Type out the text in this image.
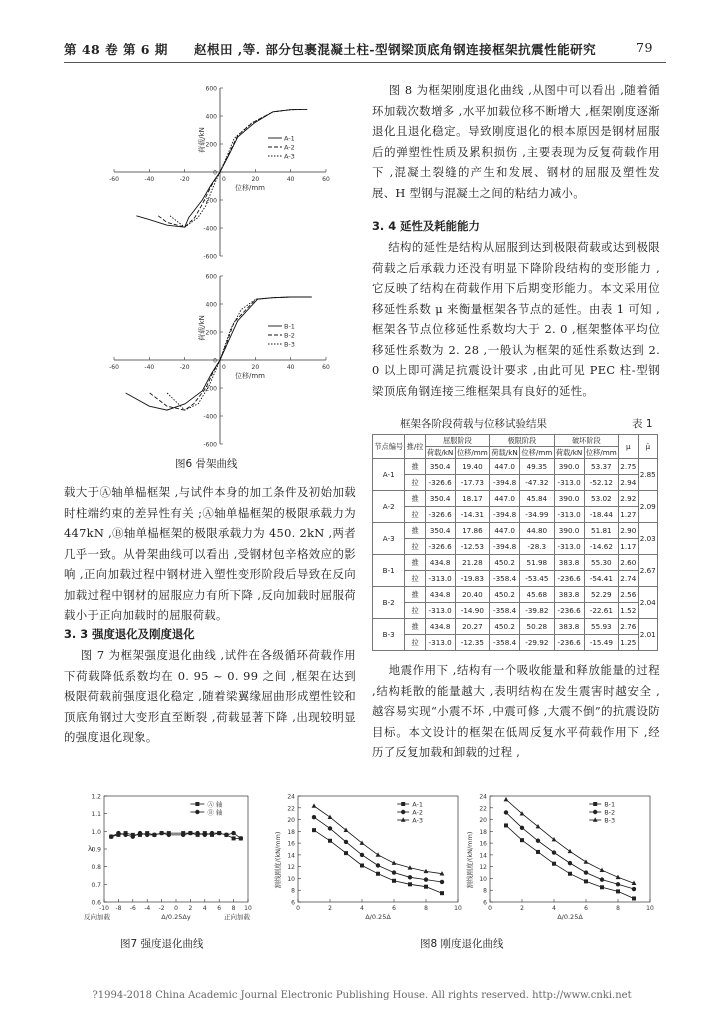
第 48 卷 第 6 期 赵根田 ,等. 部分包裹混凝土柱-型钢梁顶底角钢连接框架抗震性能研究	79
600
400
200
0
-200
-400
-600
-60	-40	-20	20	40	60
0
位移/mm
荷载/kN	A-1
A-2
A-3
600
400
200
0
-200
-400
-600
-60	-40	-20	20	40	60
0
位移/mm
荷载/kN	B-1
B-2
B-3
图6 骨架曲线
载大于Ⓐ轴单榀框架 ,与试件本身的加工条件及初始加载时柱端约束的差异性有关 ;Ⓐ轴单榀框架的极限承载力为 447kN ,Ⓑ轴单榀框架的极限承载力为 450. 2kN ,两者几乎一致。从骨架曲线可以看出 ,受钢材包辛格效应的影响 ,正向加载过程中钢材进入塑性变形阶段后导致在反向加载过程中钢材的屈服应力有所下降 ,反向加载时屈服荷载小于正向加载时的屈服荷载。
3. 3 强度退化及刚度退化
图 7 为框架强度退化曲线 ,试件在各级循环荷载作用下荷载降低系数均在 0. 95 ~ 0. 99 之间 ,框架在达到极限荷载前强度退化稳定 ,随着梁翼缘屈曲形成塑性铰和顶底角钢过大变形直至断裂 ,荷载显著下降 ,出现较明显的强度退化现象。
图 8 为框架刚度退化曲线 ,从图中可以看出 ,随着循环加载次数增多 ,水平加载位移不断增大 ,框架刚度逐渐退化且退化稳定。导致刚度退化的根本原因是钢材屈服后的弹塑性性质及累积损伤 ,主要表现为反复荷载作用下 ,混凝土裂缝的产生和发展、钢材的屈服及塑性发展、H 型钢与混凝土之间的粘结力减小。
3. 4 延性及耗能能力
结构的延性是结构从屈服到达到极限荷载或达到极限荷载之后承载力还没有明显下降阶段结构的变形能力 ,它反映了结构在荷载作用下后期变形能力。本文采用位移延性系数 μ 来衡量框架各节点的延性。由表 1 可知 ,框架各节点位移延性系数均大于 2. 0 ,框架整体平均位移延性系数为 2. 28 ,一般认为框架的延性系数达到 2. 0 以上即可满足抗震设计要求 ,由此可见 PEC 柱-型钢梁顶底角钢连接三维框架具有良好的延性。
框架各阶段荷载与位移试验结果	表 1
节点编号	推/拉	屈服阶段		极限阶段		破坏阶段		μ	μ̄
		荷载/kN	位移/mm	荷载/kN	位移/mm	荷载/kN	位移/mm		
A-1	推	350.4	19.40	447.0	49.35	390.0	53.37	2.75	2.85
	拉	-326.6	-17.73	-394.8	-47.32	-313.0	-52.12	2.94	
A-2	推	350.4	18.17	447.0	45.84	390.0	53.02	2.92	2.09
	拉	-326.6	-14.31	-394.8	-34.99	-313.0	-18.44	1.27	
A-3	推	350.4	17.86	447.0	44.80	390.0	51.81	2.90	2.03
	拉	-326.6	-12.53	-394.8	-28.3	-313.0	-14.62	1.17	
B-1	推	434.8	21.28	450.2	51.98	383.8	55.30	2.60	2.67
	拉	-313.0	-19.83	-358.4	-53.45	-236.6	-54.41	2.74	
B-2	推	434.8	20.40	450.2	45.68	383.8	52.29	2.56	2.04
	拉	-313.0	-14.90	-358.4	-39.82	-236.6	-22.61	1.52	
B-3	推	434.8	20.27	450.2	50.28	383.8	55.93	2.76	2.01
	拉	-313.0	-12.35	-358.4	-29.92	-236.6	-15.49	1.25	
地震作用下 ,结构有一个吸收能量和释放能量的过程 ,结构耗散的能量越大 ,表明结构在发生震害时越安全 ,越容易实现“小震不坏 ,中震可修 ,大震不倒”的抗震设防目标。本文设计的框架在低周反复水平荷载作用下 ,经历了反复加载和卸载的过程 ,
1.2
1.1
1.0
0.9
0.8
0.7
0.6
-10 -8 -6 -4 -2 0 2 4 6 8 10
λᵢ
反向加载	Δ/0.25Δy	正向加载
Ⓐ 轴
Ⓑ 轴
图7 强度退化曲线
24
22
20
18
16
14
12
10
8
6
0	2	4	6	8	10
Δ/0.25Δ
割线刚度/(kN/mm)
A-1
A-2
A-3
24
22
20
18
16
14
12
10
8
6
0	2	4	6	8	10
Δ/0.25Δ
割线刚度/(kN/mm)
B-1
B-2
B-3
图8 刚度退化曲线
?1994-2018 China Academic Journal Electronic Publishing House. All rights reserved. http://www.cnki.net
